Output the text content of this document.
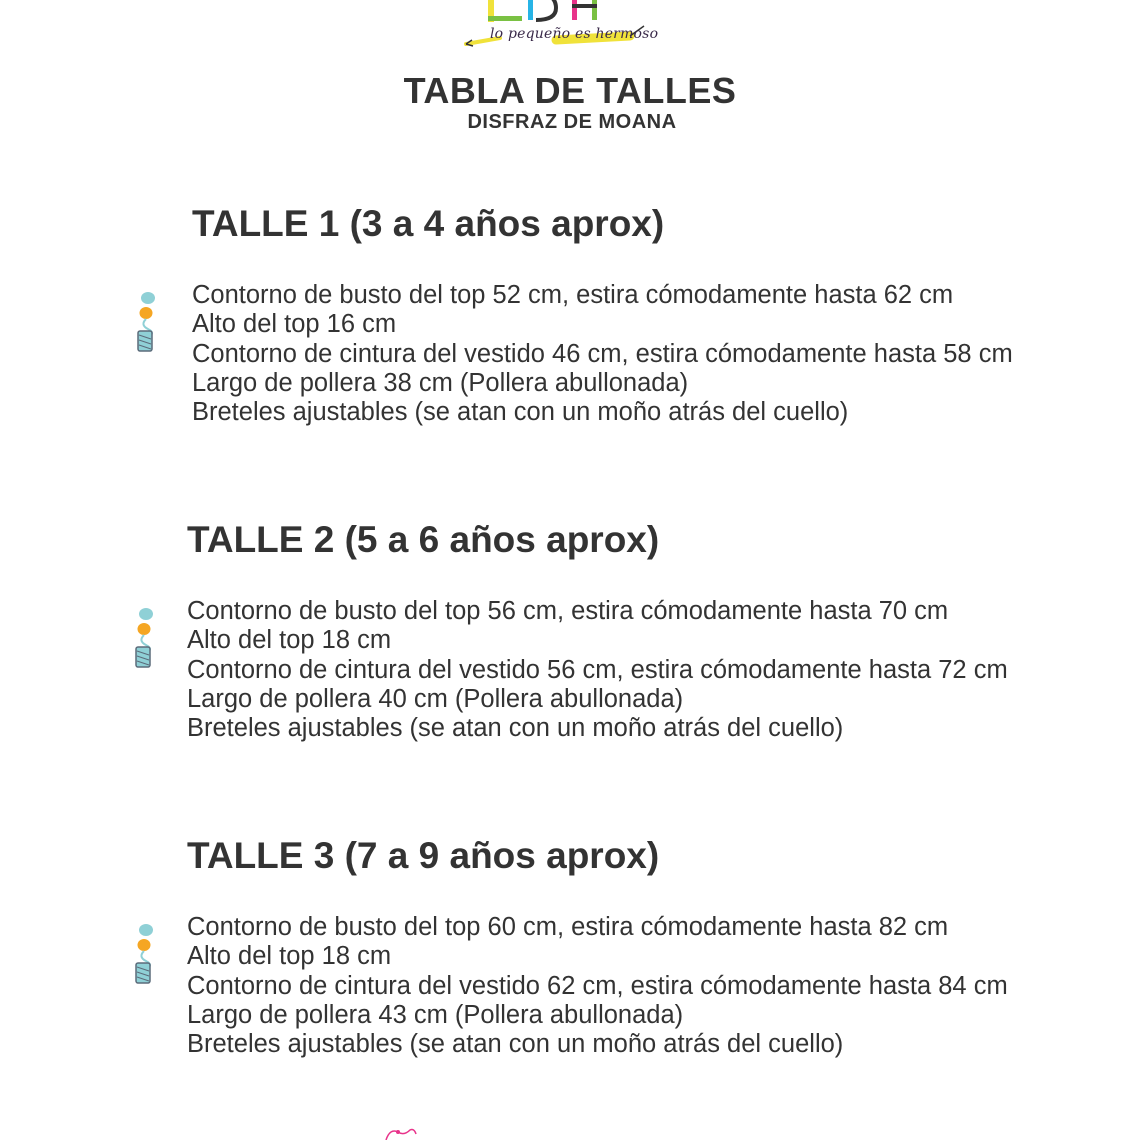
lo pequeño es hermoso
TABLA DE TALLES
DISFRAZ DE MOANA
TALLE 1 (3 a 4 años aprox)
Contorno de busto del top 52 cm, estira cómodamente hasta 62 cm
Alto del top 16 cm
Contorno de cintura del vestido 46 cm, estira cómodamente hasta 58 cm
Largo de pollera 38 cm (Pollera abullonada)
Breteles ajustables (se atan con un moño atrás del cuello)
TALLE 2 (5 a 6 años aprox)
Contorno de busto del top 56 cm, estira cómodamente hasta 70 cm
Alto del top 18 cm
Contorno de cintura del vestido 56 cm, estira cómodamente hasta 72 cm
Largo de pollera 40 cm (Pollera abullonada)
Breteles ajustables (se atan con un moño atrás del cuello)
TALLE 3 (7 a 9 años aprox)
Contorno de busto del top 60 cm, estira cómodamente hasta 82 cm
Alto del top 18 cm
Contorno de cintura del vestido 62 cm, estira cómodamente hasta 84 cm
Largo de pollera 43 cm (Pollera abullonada)
Breteles ajustables (se atan con un moño atrás del cuello)
